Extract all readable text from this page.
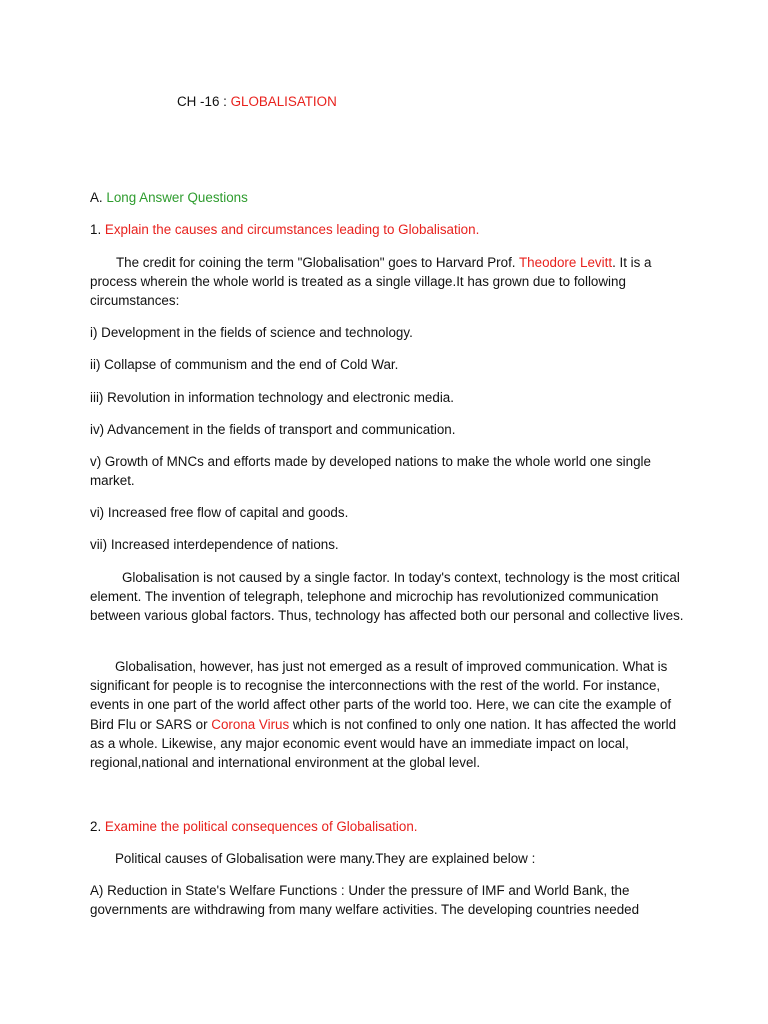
CH -16 : GLOBALISATION

A. Long Answer Questions

1. Explain the causes and circumstances leading to Globalisation.

The credit for coining the term "Globalisation" goes to Harvard Prof. Theodore Levitt. It is a process wherein the whole world is treated as a single village.It has grown due to following circumstances:

i) Development in the fields of science and technology.

ii) Collapse of communism and the end of Cold War.

iii) Revolution in information technology and electronic media.

iv) Advancement in the fields of transport and communication.

v) Growth of MNCs and efforts made by developed nations to make the whole world one single market.

vi) Increased free flow of capital and goods.

vii) Increased interdependence of nations.

Globalisation is not caused by a single factor. In today's context, technology is the most critical element. The invention of telegraph, telephone and microchip has revolutionized communication between various global factors. Thus, technology has affected both our personal and collective lives.

Globalisation, however, has just not emerged as a result of improved communication. What is significant for people is to recognise the interconnections with the rest of the world. For instance, events in one part of the world affect other parts of the world too. Here, we can cite the example of Bird Flu or SARS or Corona Virus which is not confined to only one nation. It has affected the world as a whole. Likewise, any major economic event would have an immediate impact on local, regional,national and international environment at the global level.

2. Examine the political consequences of Globalisation.

Political causes of Globalisation were many.They are explained below :

A) Reduction in State's Welfare Functions : Under the pressure of IMF and World Bank, the governments are withdrawing from many welfare activities. The developing countries needed
